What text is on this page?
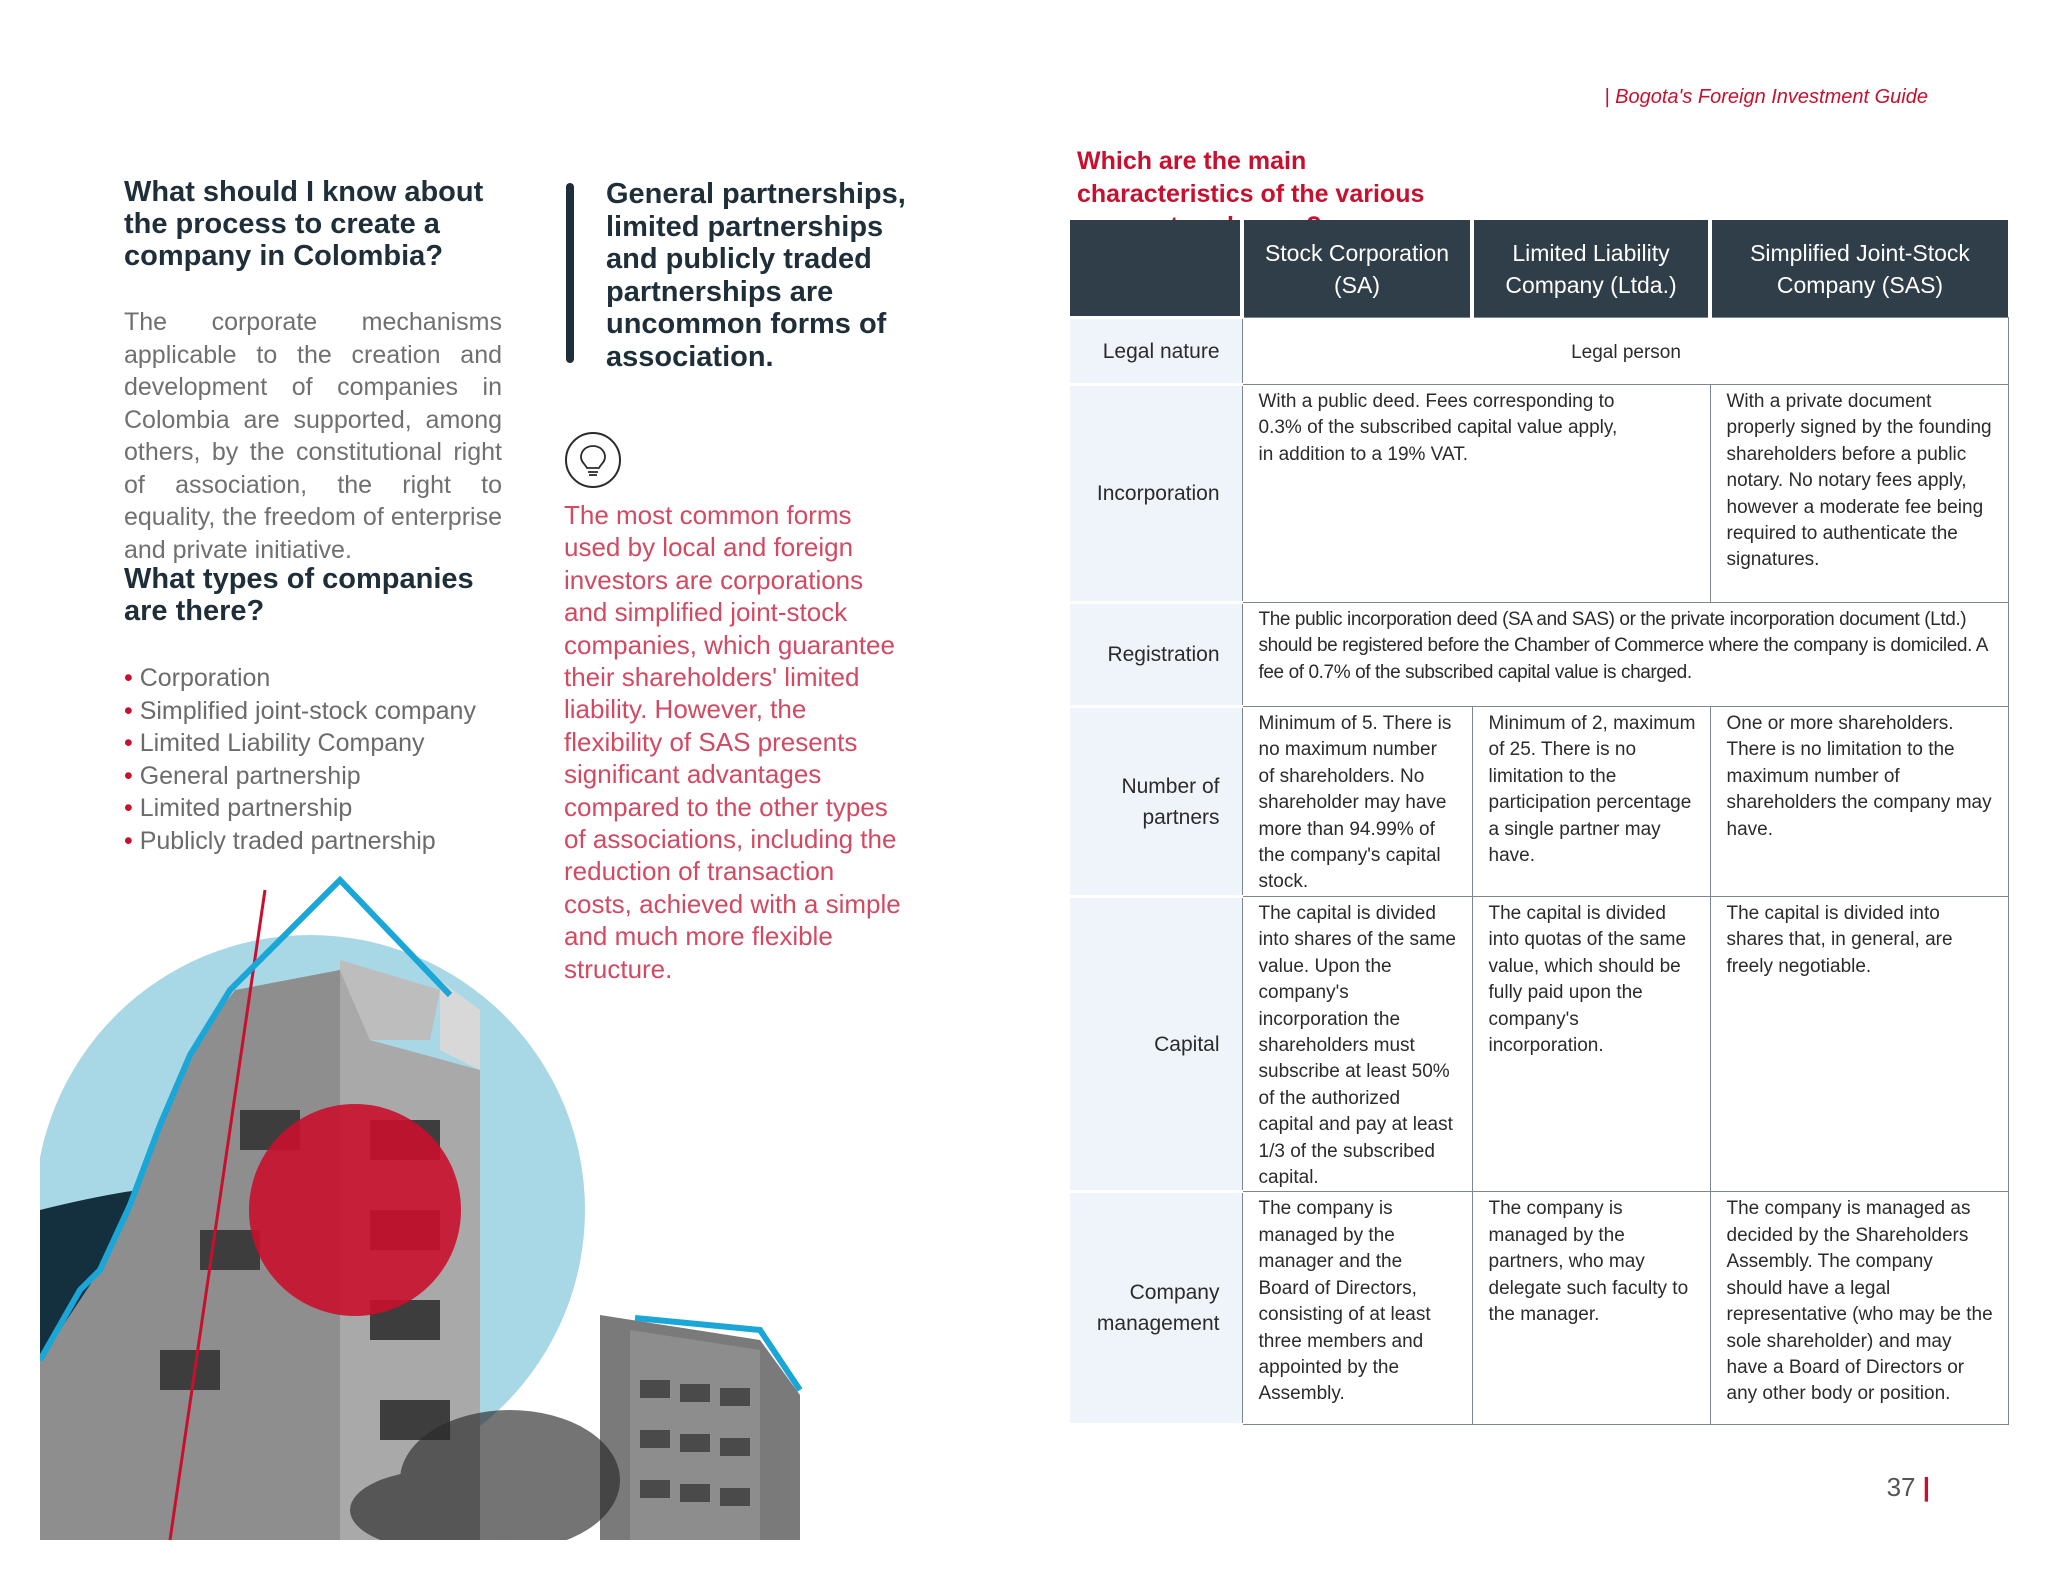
| Bogota's Foreign Investment Guide
What should I know about the process to create a company in Colombia?
The corporate mechanisms applicable to the creation and development of companies in Colombia are supported, among others, by the constitutional right of association, the right to equality, the freedom of enterprise and private initiative.
What types of companies are there?
• Corporation
• Simplified joint-stock company
• Limited Liability Company
• General partnership
• Limited partnership
• Publicly traded partnership
General partnerships, limited partnerships and publicly traded partnerships are uncommon forms of association.
The most common forms used by local and foreign investors are corporations and simplified joint-stock companies, which guarantee their shareholders' limited liability. However, the flexibility of SAS presents significant advantages compared to the other types of associations, including the reduction of transaction costs, achieved with a simple and much more flexible structure.
Which are the main characteristics of the various
	Stock Corporation (SA)	Limited Liability Company (Ltda.)	Simplified Joint-Stock Company (SAS)
Legal nature	Legal person		
Incorporation	With a public deed. Fees corresponding to 0.3% of the subscribed capital value apply, in addition to a 19% VAT.		With a private document properly signed by the founding shareholders before a public notary. No notary fees apply, however a moderate fee being required to authenticate the signatures.
Registration	The public incorporation deed (SA and SAS) or the private incorporation document (Ltd.) should be registered before the Chamber of Commerce where the company is domiciled. A fee of 0.7% of the subscribed capital value is charged.		
Number of partners	Minimum of 5. There is no maximum number of shareholders. No shareholder may have more than 94.99% of the company's capital stock.	Minimum of 2, maximum of 25. There is no limitation to the participation percentage a single partner may have.	One or more shareholders. There is no limitation to the maximum number of shareholders the company may have.
Capital	The capital is divided into shares of the same value. Upon the company's incorporation the shareholders must subscribe at least 50% of the authorized capital and pay at least 1/3 of the subscribed capital.	The capital is divided into quotas of the same value, which should be fully paid upon the company's incorporation.	The capital is divided into shares that, in general, are freely negotiable.
Company management	The company is managed by the manager and the Board of Directors, consisting of at least three members and appointed by the Assembly.	The company is managed by the partners, who may delegate such faculty to the manager.	The company is managed as decided by the Shareholders Assembly. The company should have a legal representative (who may be the sole shareholder) and may have a Board of Directors or any other body or position.
37 |
